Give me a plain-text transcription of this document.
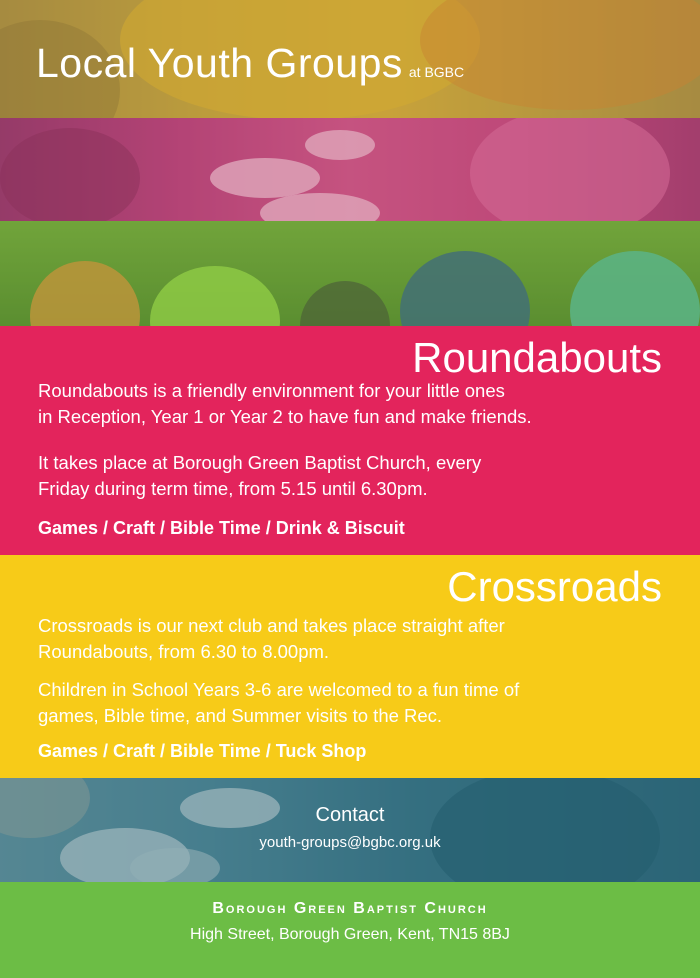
Local Youth Groups at BGBC
Roundabouts
Roundabouts is a friendly environment for your little ones
in Reception, Year 1 or Year 2 to have fun and make friends.
It takes place at Borough Green Baptist Church, every
Friday during term time, from 5.15 until 6.30pm.
Games / Craft / Bible Time / Drink & Biscuit
Crossroads
Crossroads is our next club and takes place straight after
Roundabouts, from 6.30 to 8.00pm.
Children in School Years 3-6 are welcomed to a fun time of
games, Bible time, and Summer visits to the Rec.
Games / Craft / Bible Time / Tuck Shop
Contact
youth-groups@bgbc.org.uk
Borough Green Baptist Church
High Street, Borough Green, Kent, TN15 8BJ
